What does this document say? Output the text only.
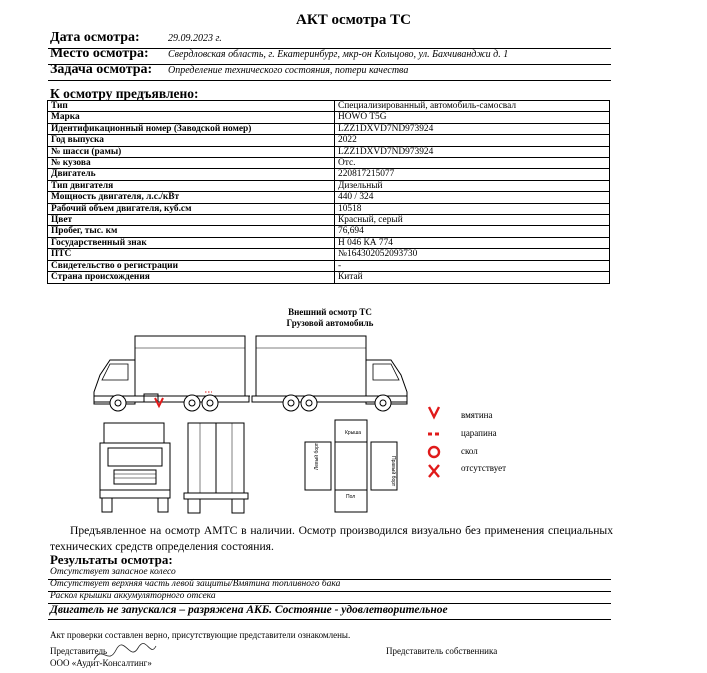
АКТ осмотра ТС
Дата осмотра:	29.09.2023 г.
Место осмотра: Свердловская область, г. Екатеринбург, мкр-он Кольцово, ул. Бахчиванджи д. 1
Задача осмотра: Определение технического состояния, потери качества
К осмотру предъявлено:
Тип	Специализированный, автомобиль-самосвал
Марка	HOWO T5G
Идентификационный номер (Заводской номер)	LZZ1DXVD7ND973924
Год выпуска	2022
№ шасси (рамы)	LZZ1DXVD7ND973924
№ кузова	Отс.
Двигатель	220817215077
Тип двигателя	Дизельный
Мощность двигателя, л.с./кВт	440 / 324
Рабочий объем двигателя, куб.см	10518
Цвет	Красный, серый
Пробег, тыс. км	76,694
Государственный знак	Н 046 КА 774
ПТС	№164302052093730
Свидетельство о регистрации	-
Страна происхождения	Китай
Внешний осмотр ТС
Грузовой автомобиль
Левый борт	Правый борт
Пол
Крыша
вмятина
царапина
скол
отсутствует
Предъявленное на осмотр АМТС в наличии. Осмотр производился визуально без применения специальных технических средств определения состояния.
Результаты осмотра:
Отсутствует запасное колесо
Отсутствует верхняя часть левой защиты/Вмятина топливного бака
Раскол крышки аккумуляторного отсека
Двигатель не запускался – разряжена АКБ. Состояние - удовлетворительное
Акт проверки составлен верно, присутствующие представители ознакомлены.
Представитель
ООО «Аудит-Консалтинг»
Представитель собственника
